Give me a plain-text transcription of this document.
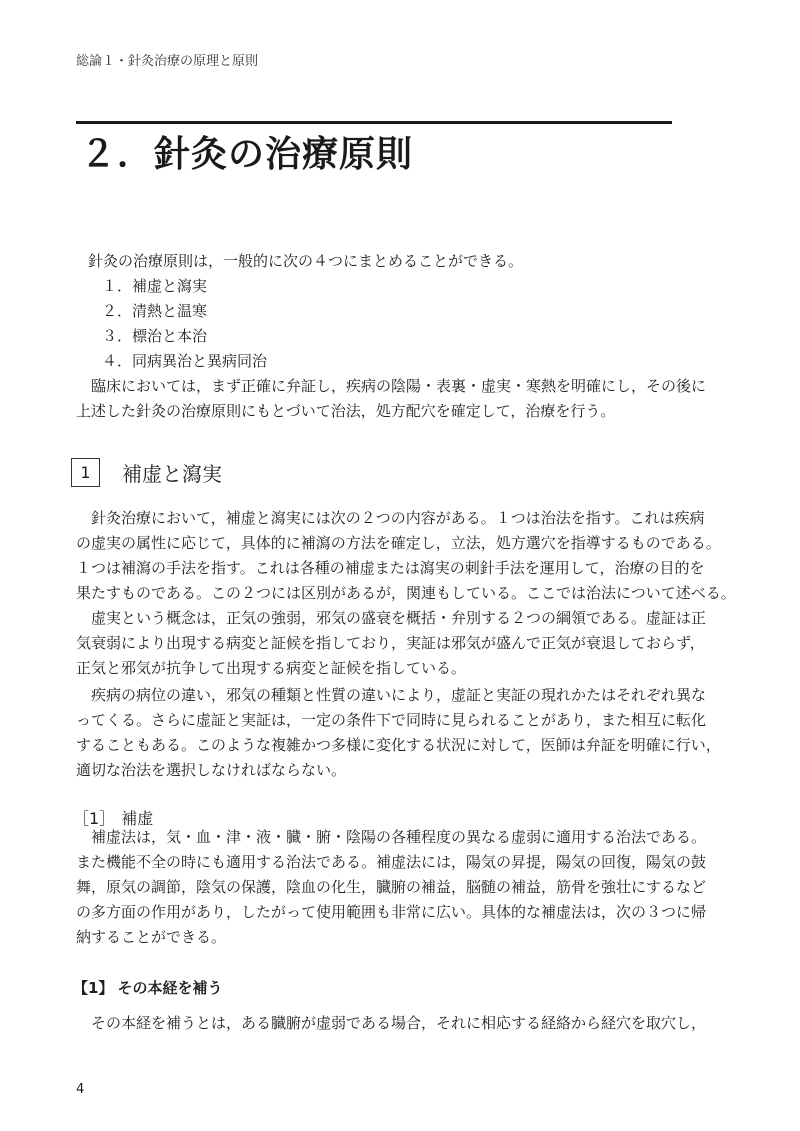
総論１・針灸治療の原理と原則
２．針灸の治療原則
針灸の治療原則は，一般的に次の４つにまとめることができる。
１．補虚と瀉実
２．清熱と温寒
３．標治と本治
４．同病異治と異病同治
臨床においては，まず正確に弁証し，疾病の陰陽・表裏・虚実・寒熱を明確にし，その後に
上述した針灸の治療原則にもとづいて治法，処方配穴を確定して，治療を行う。
1	補虚と瀉実
針灸治療において，補虚と瀉実には次の２つの内容がある。１つは治法を指す。これは疾病
の虚実の属性に応じて，具体的に補瀉の方法を確定し，立法，処方選穴を指導するものである。
１つは補瀉の手法を指す。これは各種の補虚または瀉実の刺針手法を運用して，治療の目的を
果たすものである。この２つには区別があるが，関連もしている。ここでは治法について述べる。
虚実という概念は，正気の強弱，邪気の盛衰を概括・弁別する２つの綱領である。虚証は正
気衰弱により出現する病変と証候を指しており，実証は邪気が盛んで正気が衰退しておらず，
正気と邪気が抗争して出現する病変と証候を指している。
疾病の病位の違い，邪気の種類と性質の違いにより，虚証と実証の現れかたはそれぞれ異な
ってくる。さらに虚証と実証は，一定の条件下で同時に見られることがあり，また相互に転化
することもある。このような複雑かつ多様に変化する状況に対して，医師は弁証を明確に行い，
適切な治法を選択しなければならない。
［1］ 補虚
補虚法は，気・血・津・液・臓・腑・陰陽の各種程度の異なる虚弱に適用する治法である。
また機能不全の時にも適用する治法である。補虚法には，陽気の昇提，陽気の回復，陽気の鼓
舞，原気の調節，陰気の保護，陰血の化生，臓腑の補益，脳髄の補益，筋骨を強壮にするなど
の多方面の作用があり，したがって使用範囲も非常に広い。具体的な補虚法は，次の３つに帰
納することができる。
【1】 その本経を補う
その本経を補うとは，ある臓腑が虚弱である場合，それに相応する経絡から経穴を取穴し，
4
